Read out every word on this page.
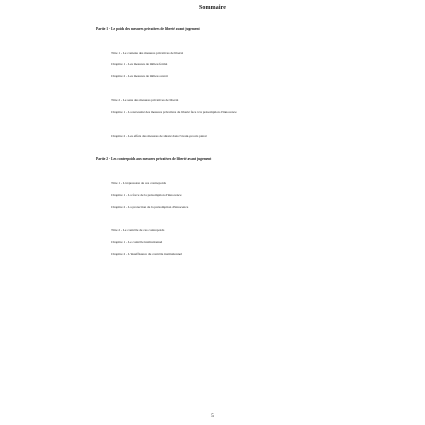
Sommaire
Partie 1 - Le poids des mesures privatives de liberté avant jugement
Titre 1 - Le contenu des mesures privatives de liberté
Chapitre 1 - Les mesures de milieu fermé
Chapitre 2 - Les mesures de milieu ouvert
Titre 2 - Le sens des mesures privatives de liberté
Chapitre 1 - La nécessité des mesures privatives de liberté face à la présomption d'innocence
Chapitre 2 - Les effets des mesures de sûreté dans l'avant-procès pénal
Partie 2 - Les contrepoids aux mesures privatives de liberté avant jugement
Titre 1 - L'expression de ces contrepoids
Chapitre 1 - La force de la présomption d'innocence
Chapitre 2 - La protection de la présomption d'innocence
Titre 2 - Le contrôle de ces contrepoids
Chapitre 1 - Le contrôle institutionnel
Chapitre 2 - L'insuffisance du contrôle institutionnel
5
